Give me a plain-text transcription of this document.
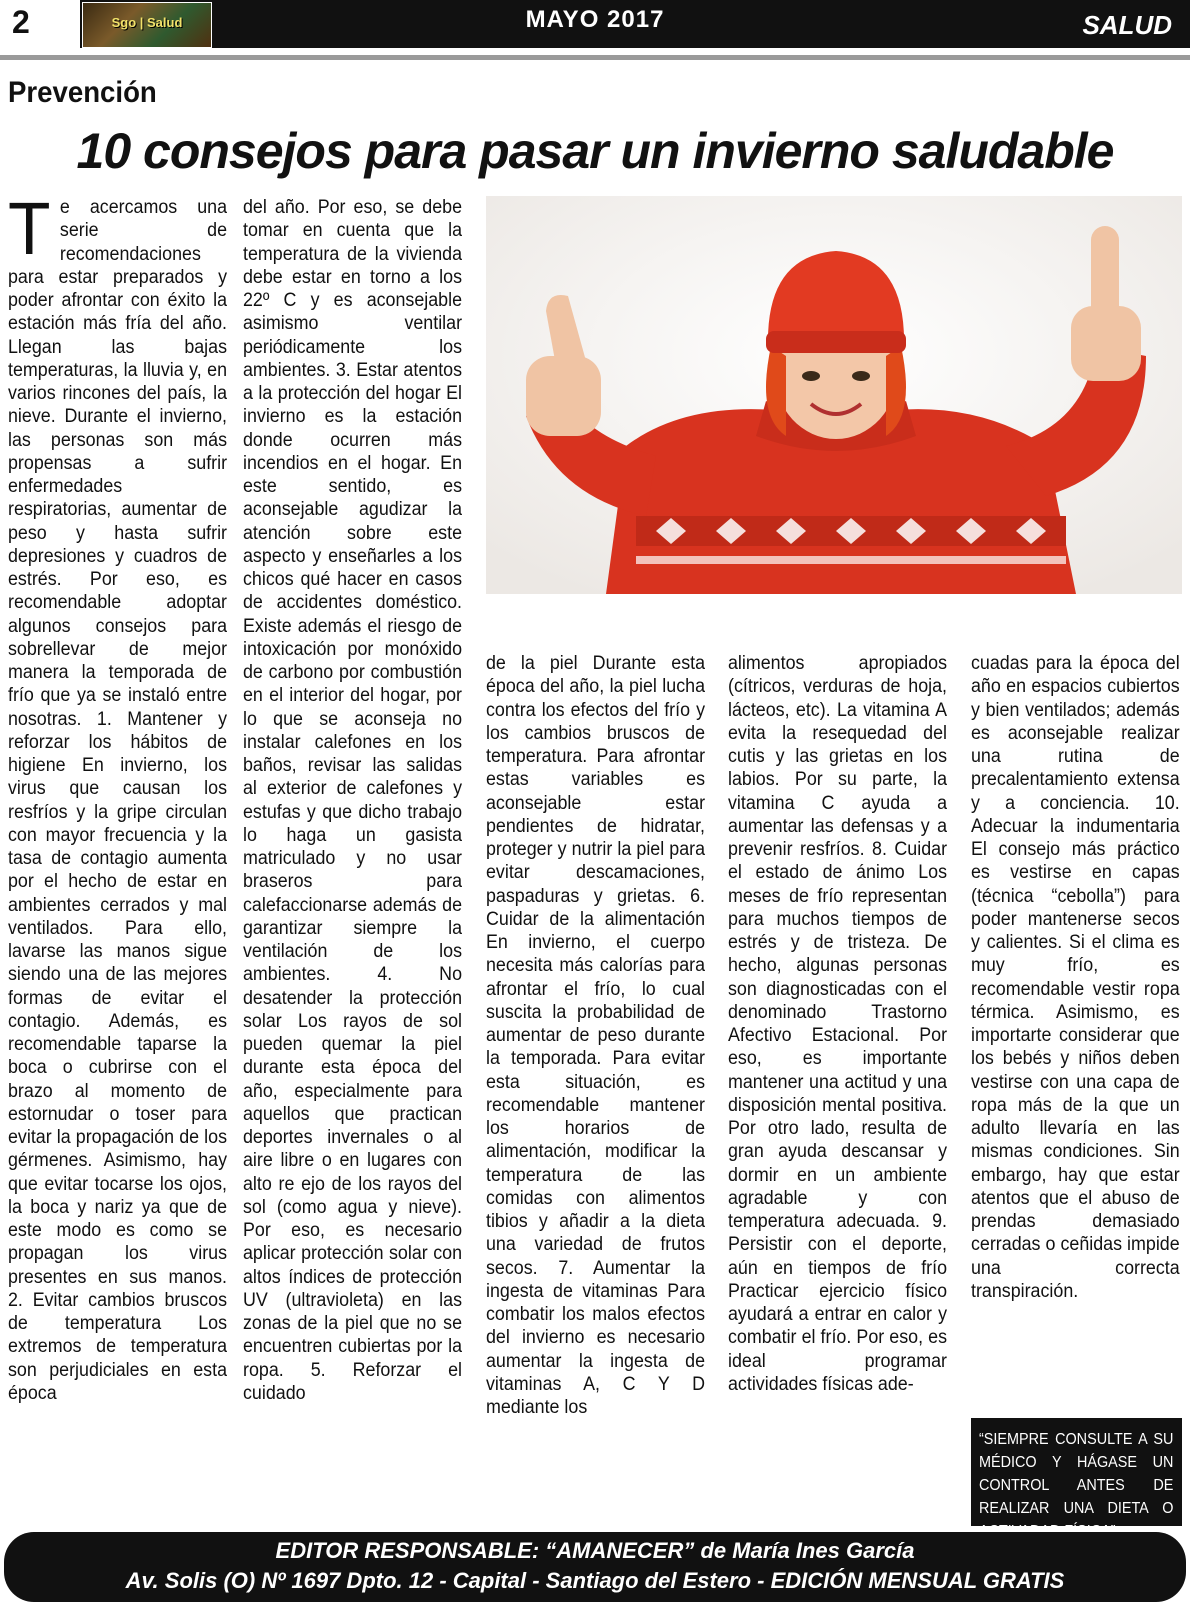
2	Sgo | Salud	MAYO 2017	SALUD
Prevención
10 consejos para pasar un invierno saludable
T e acercamos una serie de recomendaciones para estar preparados y poder afrontar con éxito la estación más fría del año. Llegan las bajas temperaturas, la lluvia y, en varios rincones del país, la nieve. Durante el invierno, las personas son más propensas a sufrir enfermedades respiratorias, aumentar de peso y hasta sufrir depresiones y cuadros de estrés. Por eso, es recomendable adoptar algunos consejos para sobrellevar de mejor manera la temporada de frío que ya se instaló entre nosotras. 1. Mantener y reforzar los hábitos de higiene En invierno, los virus que causan los resfríos y la gripe circulan con mayor frecuencia y la tasa de contagio aumenta por el hecho de estar en ambientes cerrados y mal ventilados. Para ello, lavarse las manos sigue siendo una de las mejores formas de evitar el contagio. Además, es recomendable taparse la boca o cubrirse con el brazo al momento de estornudar o toser para evitar la propagación de los gérmenes. Asimismo, hay que evitar tocarse los ojos, la boca y nariz ya que de este modo es como se propagan los virus presentes en sus manos. 2. Evitar cambios bruscos de temperatura Los extremos de temperatura son perjudiciales en esta época

del año. Por eso, se debe tomar en cuenta que la temperatura de la vivienda debe estar en torno a los 22º C y es aconsejable asimismo ventilar periódicamente los ambientes. 3. Estar atentos a la protección del hogar El invierno es la estación donde ocurren más incendios en el hogar. En este sentido, es aconsejable agudizar la atención sobre este aspecto y enseñarles a los chicos qué hacer en casos de accidentes doméstico. Existe además el riesgo de intoxicación por monóxido de carbono por combustión en el interior del hogar, por lo que se aconseja no instalar calefones en los baños, revisar las salidas al exterior de calefones y estufas y que dicho trabajo lo haga un gasista matriculado y no usar braseros para calefaccionarse además de garantizar siempre la ventilación de los ambientes. 4. No desatender la protección solar Los rayos de sol pueden quemar la piel durante esta época del año, especialmente para aquellos que practican deportes invernales o al aire libre o en lugares con alto re ejo de los rayos del sol (como agua y nieve). Por eso, es necesario aplicar protección solar con altos índices de protección UV (ultravioleta) en las zonas de la piel que no se encuentren cubiertas por la ropa. 5. Reforzar el cuidado

de la piel Durante esta época del año, la piel lucha contra los efectos del frío y los cambios bruscos de temperatura. Para afrontar estas variables es aconsejable estar pendientes de hidratar, proteger y nutrir la piel para evitar descamaciones, paspaduras y grietas. 6. Cuidar de la alimentación En invierno, el cuerpo necesita más calorías para afrontar el frío, lo cual suscita la probabilidad de aumentar de peso durante la temporada. Para evitar esta situación, es recomendable mantener los horarios de alimentación, modificar la temperatura de las comidas con alimentos tibios y añadir a la dieta una variedad de frutos secos. 7. Aumentar la ingesta de vitaminas Para combatir los malos efectos del invierno es necesario aumentar la ingesta de vitaminas A, C Y D mediante los

alimentos apropiados (cítricos, verduras de hoja, lácteos, etc). La vitamina A evita la resequedad del cutis y las grietas en los labios. Por su parte, la vitamina C ayuda a aumentar las defensas y a prevenir resfríos. 8. Cuidar el estado de ánimo Los meses de frío representan para muchos tiempos de estrés y de tristeza. De hecho, algunas personas son diagnosticadas con el denominado Trastorno Afectivo Estacional. Por eso, es importante mantener una actitud y una disposición mental positiva. Por otro lado, resulta de gran ayuda descansar y dormir en un ambiente agradable y con temperatura adecuada. 9. Persistir con el deporte, aún en tiempos de frío Practicar ejercicio físico ayudará a entrar en calor y combatir el frío. Por eso, es ideal programar actividades físicas ade-

cuadas para la época del año en espacios cubiertos y bien ventilados; además es aconsejable realizar una rutina de precalentamiento extensa y a conciencia. 10. Adecuar la indumentaria El consejo más práctico es vestirse en capas (técnica “cebolla”) para poder mantenerse secos y calientes. Si el clima es muy frío, es recomendable vestir ropa térmica. Asimismo, es importarte considerar que los bebés y niños deben vestirse con una capa de ropa más de la que un adulto llevaría en las mismas condiciones. Sin embargo, hay que estar atentos que el abuso de prendas demasiado cerradas o ceñidas impide una correcta transpiración.

“SIEMPRE CONSULTE A SU MÉDICO Y HÁGASE UN CONTROL ANTES DE REALIZAR UNA DIETA O
EDITOR RESPONSABLE: “AMANECER” de María Ines García
Av. Solis (O) Nº 1697 Dpto. 12 - Capital - Santiago del Estero - EDICIÓN MENSUAL GRATIS
